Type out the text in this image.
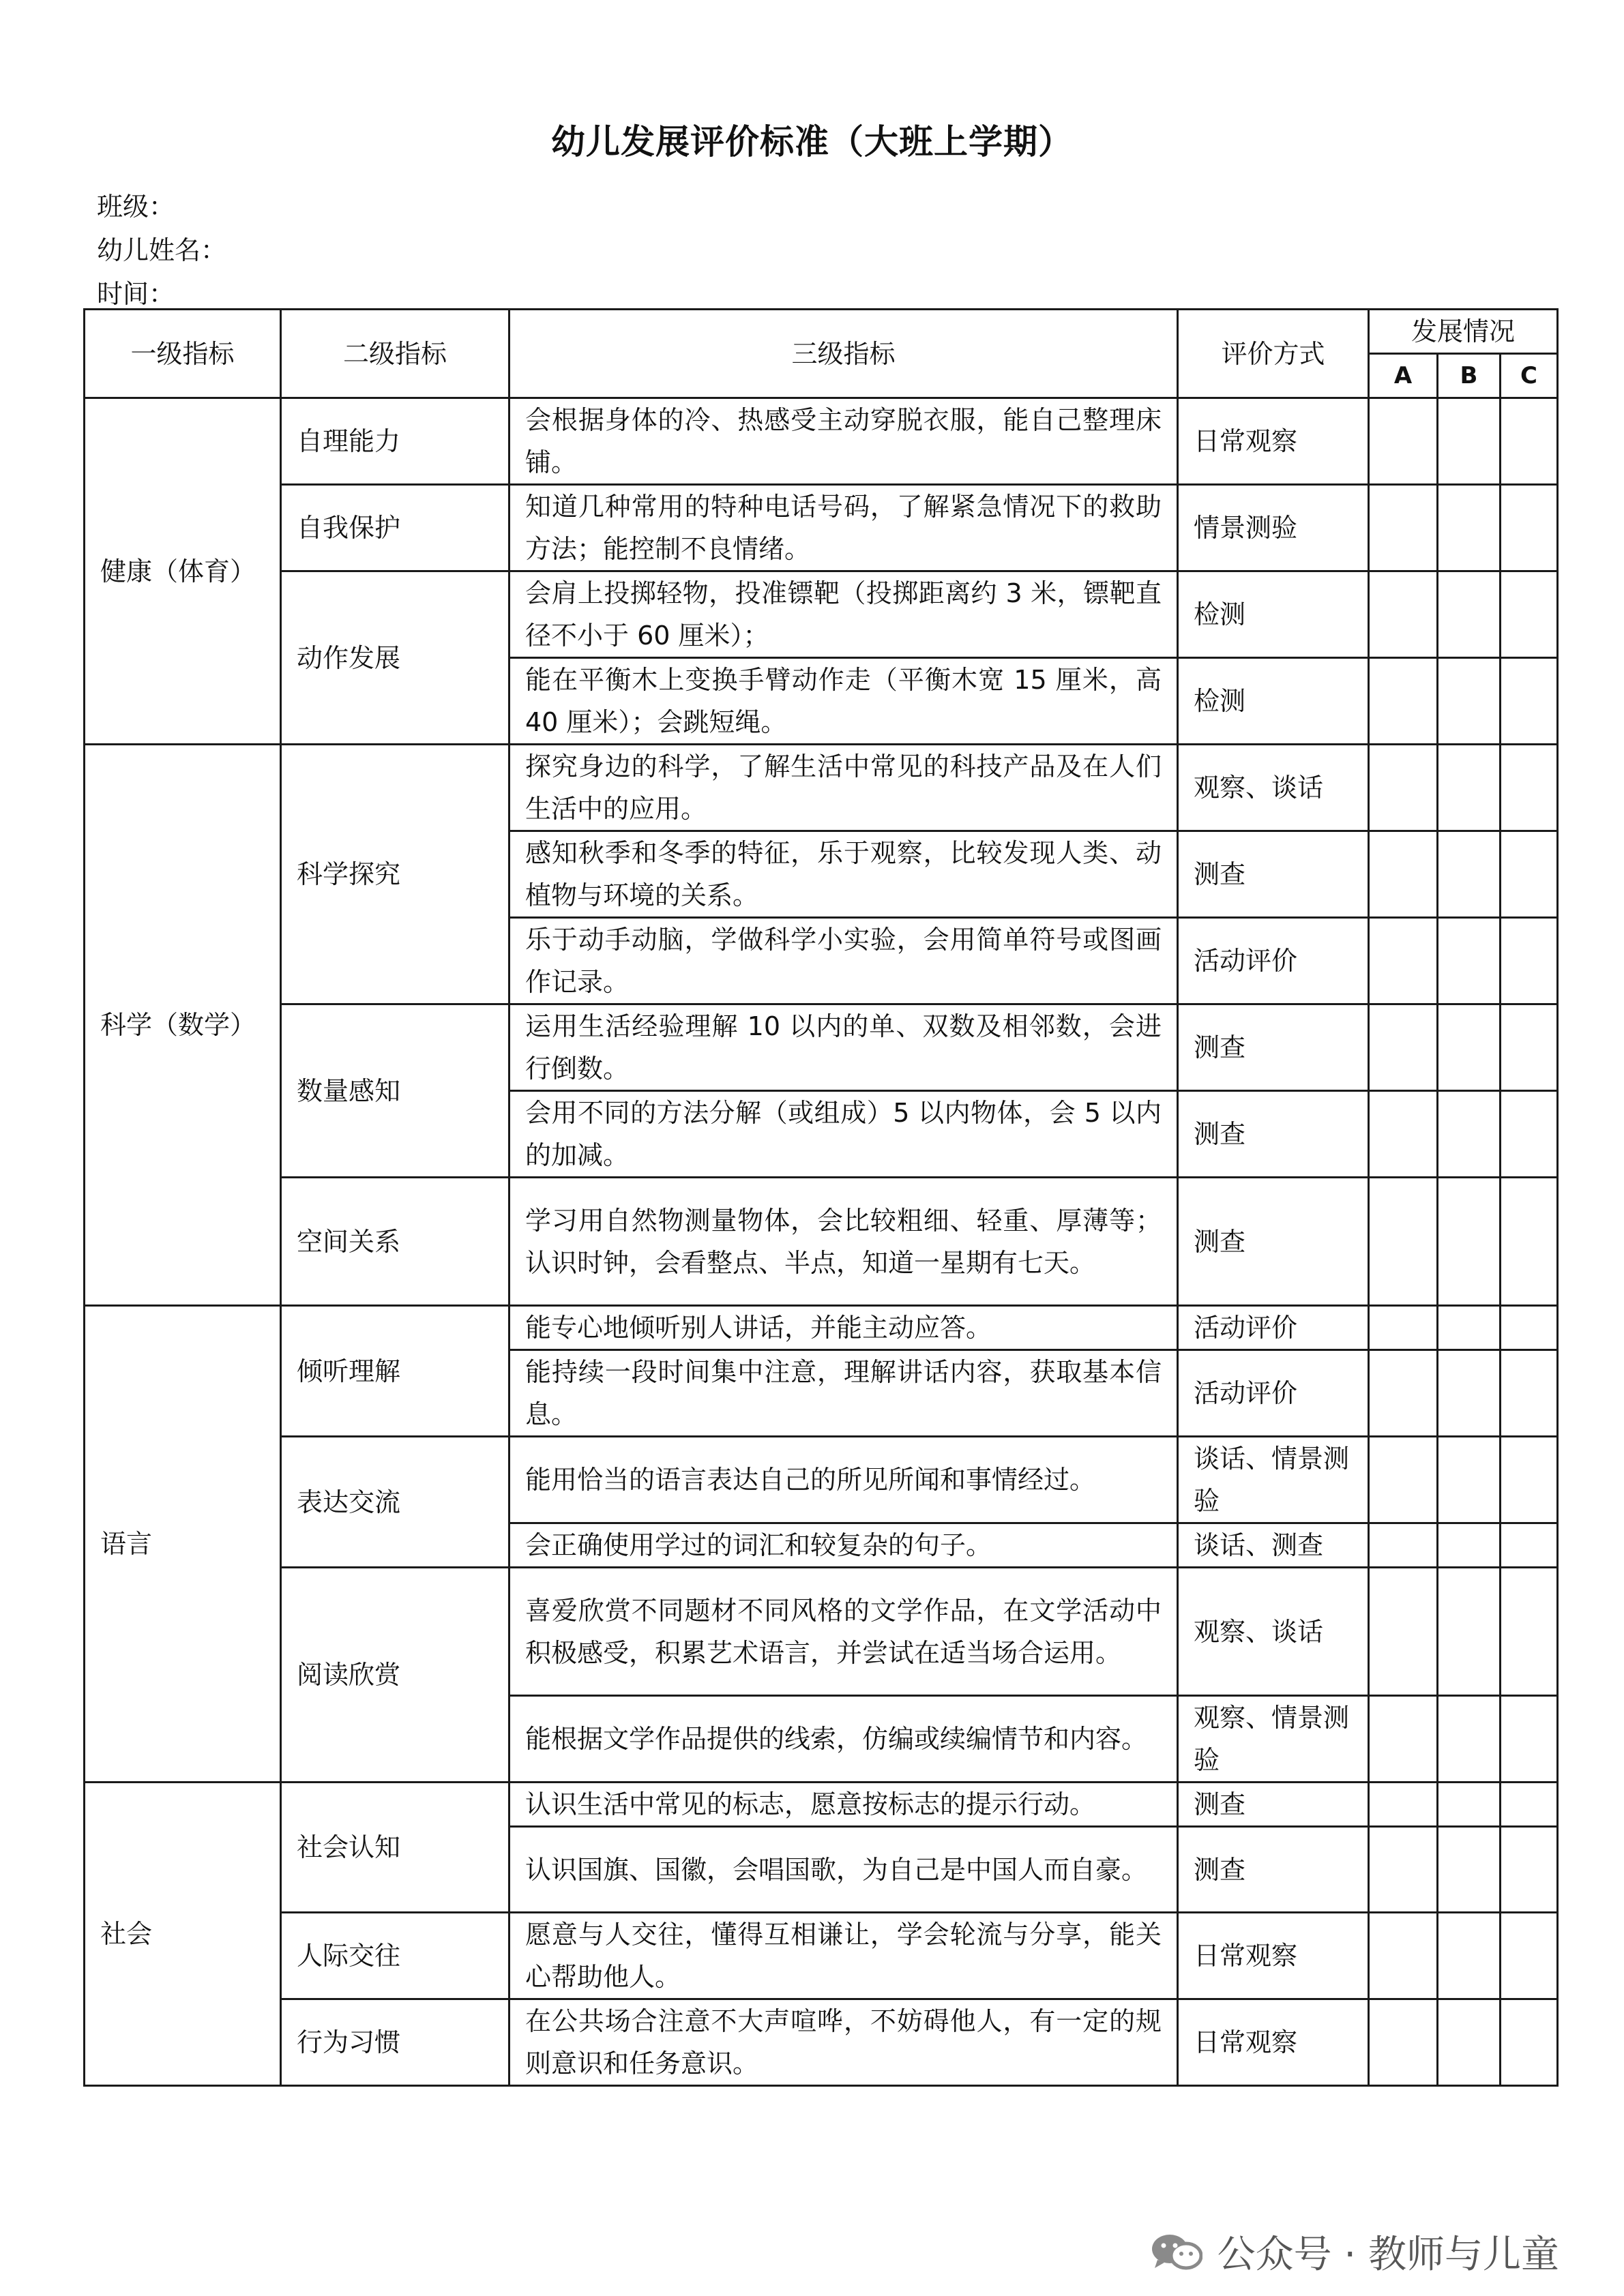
幼儿发展评价标准（大班上学期）
班级：
幼儿姓名：
时间：
一级指标	二级指标	三级指标	评价方式	发展情况		
				A	B	C
健康（体育）	自理能力	会根据身体的冷、热感受主动穿脱衣服，能自己整理床铺。	日常观察			
	自我保护	知道几种常用的特种电话号码，了解紧急情况下的救助方法；能控制不良情绪。	情景测验			
	动作发展	会肩上投掷轻物，投准镖靶（投掷距离约 3 米，镖靶直径不小于 60 厘米）；	检测			
		能在平衡木上变换手臂动作走（平衡木宽 15 厘米，高 40 厘米）；会跳短绳。	检测			
科学（数学）	科学探究	探究身边的科学，了解生活中常见的科技产品及在人们生活中的应用。	观察、谈话			
		感知秋季和冬季的特征，乐于观察，比较发现人类、动植物与环境的关系。	测查			
		乐于动手动脑，学做科学小实验，会用简单符号或图画作记录。	活动评价			
	数量感知	运用生活经验理解 10 以内的单、双数及相邻数，会进行倒数。	测查			
		会用不同的方法分解（或组成）5 以内物体，会 5 以内的加减。	测查			
	空间关系	学习用自然物测量物体，会比较粗细、轻重、厚薄等；认识时钟，会看整点、半点，知道一星期有七天。	测查			
语言	倾听理解	能专心地倾听别人讲话，并能主动应答。	活动评价			
		能持续一段时间集中注意，理解讲话内容，获取基本信息。	活动评价			
	表达交流	能用恰当的语言表达自己的所见所闻和事情经过。	谈话、情景测验			
		会正确使用学过的词汇和较复杂的句子。	谈话、测查			
	阅读欣赏	喜爱欣赏不同题材不同风格的文学作品，在文学活动中积极感受，积累艺术语言，并尝试在适当场合运用。	观察、谈话			
		能根据文学作品提供的线索，仿编或续编情节和内容。	观察、情景测验			
社会	社会认知	认识生活中常见的标志，愿意按标志的提示行动。	测查			
		认识国旗、国徽，会唱国歌，为自己是中国人而自豪。	测查			
	人际交往	愿意与人交往，懂得互相谦让，学会轮流与分享，能关心帮助他人。	日常观察			
	行为习惯	在公共场合注意不大声喧哗，不妨碍他人，有一定的规则意识和任务意识。	日常观察			
公众号 · 教师与儿童
